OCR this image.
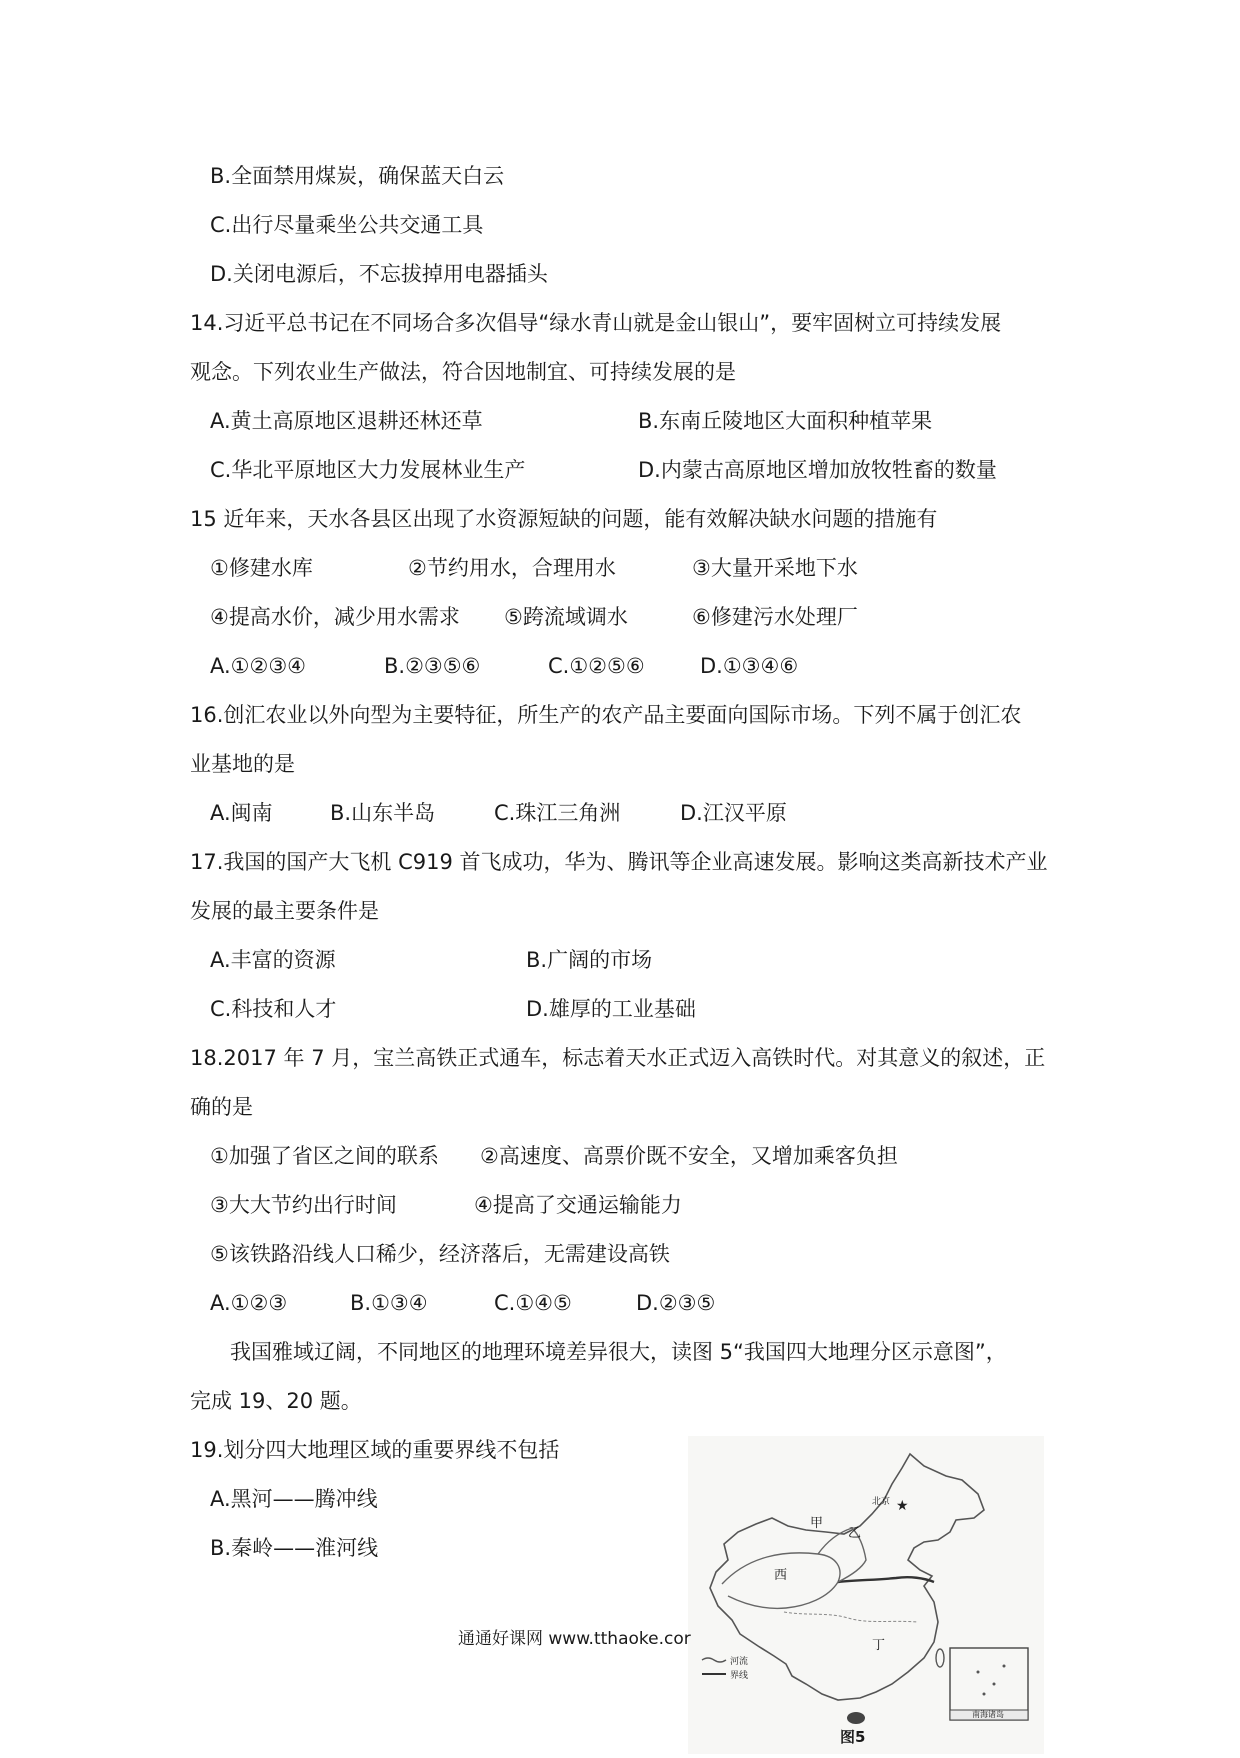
B.全面禁用煤炭，确保蓝天白云
C.出行尽量乘坐公共交通工具
D.关闭电源后，不忘拔掉用电器插头
14.习近平总书记在不同场合多次倡导“绿水青山就是金山银山”，要牢固树立可持续发展
观念。下列农业生产做法，符合因地制宜、可持续发展的是
A.黄土高原地区退耕还林还草	B.东南丘陵地区大面积种植苹果
C.华北平原地区大力发展林业生产	D.内蒙古高原地区增加放牧牲畜的数量
15 近年来，天水各县区出现了水资源短缺的问题，能有效解决缺水问题的措施有
①修建水库	②节约用水，合理用水	③大量开采地下水
④提高水价，减少用水需求 ⑤跨流域调水	⑥修建污水处理厂
A.①②③④	B.②③⑤⑥	C.①②⑤⑥	D.①③④⑥
16.创汇农业以外向型为主要特征，所生产的农产品主要面向国际市场。下列不属于创汇农
业基地的是
A.闽南	B.山东半岛	C.珠江三角洲	D.江汉平原
17.我国的国产大飞机 C919 首飞成功，华为、腾讯等企业高速发展。影响这类高新技术产业
发展的最主要条件是
A.丰富的资源	B.广阔的市场
C.科技和人才	D.雄厚的工业基础
18.2017 年 7 月，宝兰高铁正式通车，标志着天水正式迈入高铁时代。对其意义的叙述，正
确的是
①加强了省区之间的联系 ②高速度、高票价既不安全，又增加乘客负担
③大大节约出行时间	④提高了交通运输能力
⑤该铁路沿线人口稀少，经济落后，无需建设高铁
A.①②③	B.①③④	C.①④⑤	D.②③⑤
我国雅域辽阔，不同地区的地理环境差异很大，读图 5“我国四大地理分区示意图”，
完成 19、20 题。
19.划分四大地理区域的重要界线不包括
A.黑河——腾冲线
B.秦岭——淮河线
★
甲
乙
西
丁
北京
河流
界线
南海诸岛
图5
通通好课网 www.tthaoke.cor
